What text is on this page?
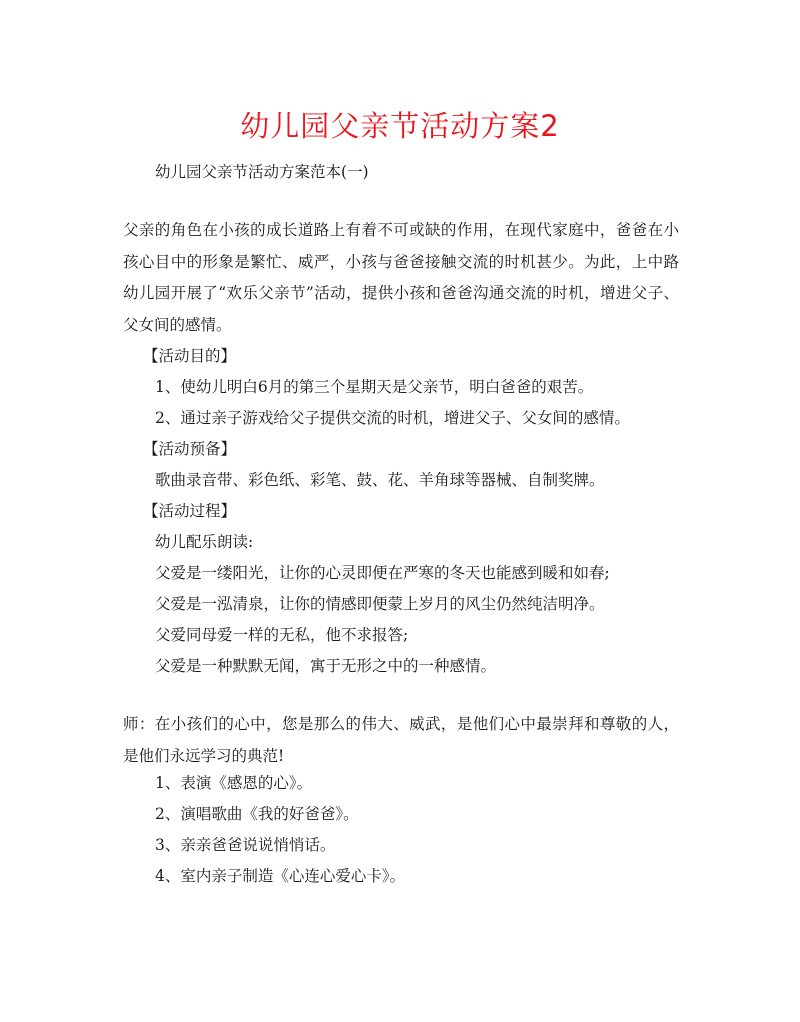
幼儿园父亲节活动方案2
幼儿园父亲节活动方案范本(一)
父亲的角色在小孩的成长道路上有着不可或缺的作用，在现代家庭中，爸爸在小孩心目中的形象是繁忙、威严，小孩与爸爸接触交流的时机甚少。为此，上中路幼儿园开展了“欢乐父亲节”活动，提供小孩和爸爸沟通交流的时机，增进父子、父女间的感情。
【活动目的】
1、使幼儿明白6月的第三个星期天是父亲节，明白爸爸的艰苦。
2、通过亲子游戏给父子提供交流的时机，增进父子、父女间的感情。
【活动预备】
歌曲录音带、彩色纸、彩笔、鼓、花、羊角球等器械、自制奖牌。
【活动过程】
幼儿配乐朗读:
父爱是一缕阳光，让你的心灵即便在严寒的冬天也能感到暖和如春;
父爱是一泓清泉，让你的情感即便蒙上岁月的风尘仍然纯洁明净。
父爱同母爱一样的无私，他不求报答;
父爱是一种默默无闻，寓于无形之中的一种感情。
师：在小孩们的心中，您是那么的伟大、威武，是他们心中最崇拜和尊敬的人，是他们永远学习的典范!
1、表演《感恩的心》。
2、演唱歌曲《我的好爸爸》。
3、亲亲爸爸说说悄悄话。
4、室内亲子制造《心连心爱心卡》。
